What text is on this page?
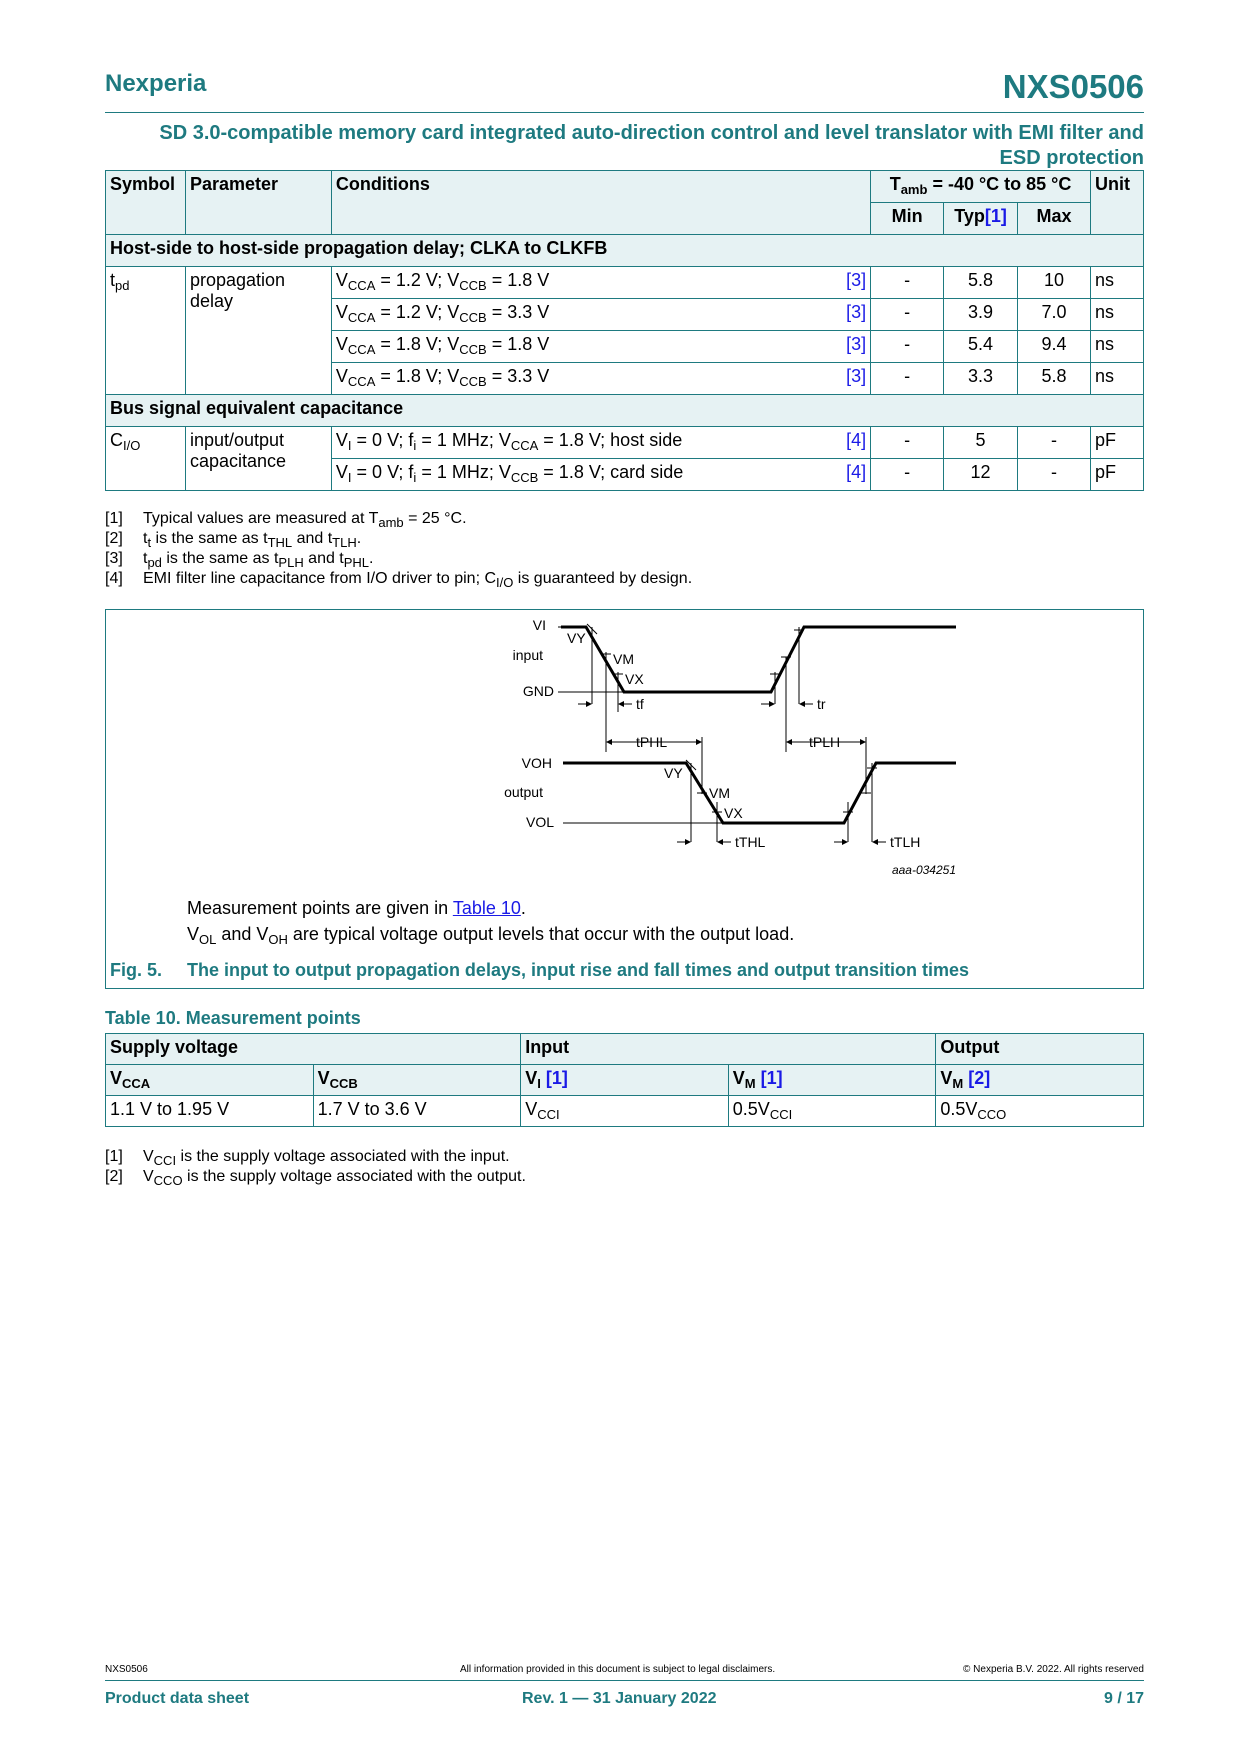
Nexperia	NXS0506
SD 3.0-compatible memory card integrated auto-direction control and level translator with EMI filter and
ESD protection
Symbol	Parameter	Conditions	$T_{amb} = -40$ °C to 85 °C			Unit
			Min	Typ[1]	Max	
Host-side to host-side propagation delay; CLKA to CLKFB						
$t_{pd}$	propagation delay	$V_{CCA} = 1.2$ V; $V_{CCB} = 1.8$ V [3]	-	5.8	10	ns

		$V_{CCA} = 1.2$ V; $V_{CCB} = 3.3$ V [3]	-	3.9	7.0	ns

		$V_{CCA} = 1.8$ V; $V_{CCB} = 1.8$ V [3]	-	5.4	9.4	ns

		$V_{CCA} = 1.8$ V; $V_{CCB} = 3.3$ V [3]	-	3.3	5.8	ns
Bus signal equivalent capacitance						
$C_{I/O}$	input/output capacitance	$V_I = 0$ V; $f_i = 1$ MHz; $V_{CCA} = 1.8$ V; host side [4]	-	5	-	pF

		$V_I = 0$ V; $f_i = 1$ MHz; $V_{CCB} = 1.8$ V; card side [4]	-	12	-	pF
[1]	Typical values are measured at $T_{amb} = 25$ °C.
[2]	$t_t$ is the same as $t_{THL}$ and $t_{TLH}$.
[3]	$t_{pd}$ is the same as $t_{PLH}$ and $t_{PHL}$.
[4]	EMI filter line capacitance from I/O driver to pin; $C_{I/O}$ is guaranteed by design.
VI
input
GND
VY
VM
VX
tf	tr
tPHL	tPLH
VOH
output
VOL
VY
VM
VX
tTHL	tTLH
aaa-034251
Measurement points are given in Table 10.
$V_{OL}$ and $V_{OH}$ are typical voltage output levels that occur with the output load.
Fig. 5. The input to output propagation delays, input rise and fall times and output transition times
Table 10. Measurement points
Supply voltage		Input		Output
$V_{CCA}$	$V_{CCB}$	$V_I$ [1]	$V_M$ [1]	$V_M$ [2]
1.1 V to 1.95 V	1.7 V to 3.6 V	$V_{CCI}$	$0.5V_{CCI}$	$0.5V_{CCO}$
[1]	$V_{CCI}$ is the supply voltage associated with the input.
[2]	$V_{CCO}$ is the supply voltage associated with the output.
NXS0506	All information provided in this document is subject to legal disclaimers.	© Nexperia B.V. 2022. All rights reserved
Product data sheet	Rev. 1 — 31 January 2022	9 / 17
